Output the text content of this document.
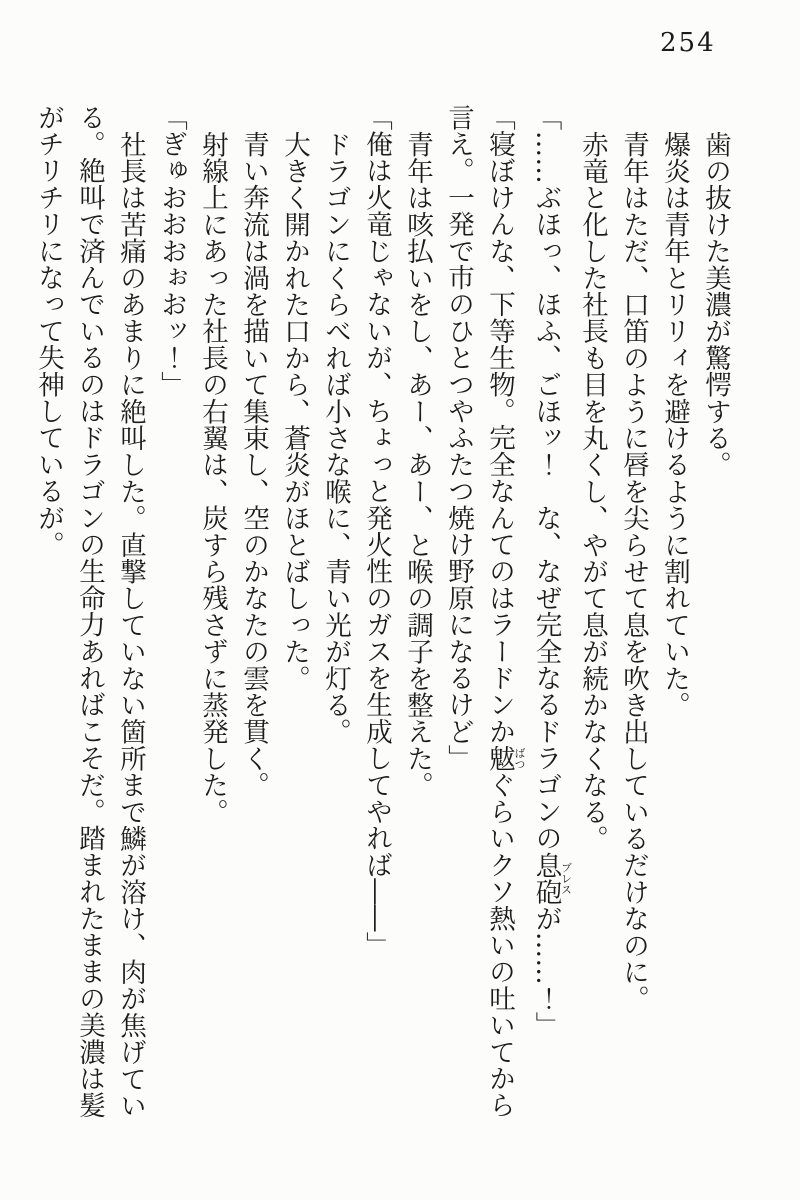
254

歯の抜けた美濃が驚愕する。

爆炎は青年とリリィを避けるように割れていた。

青年はただ、口笛のように唇を尖らせて息を吹き出しているだけなのに。

赤竜と化した社長も目を丸くし、やがて息が続かなくなる。

「……ぶほっ、ほふ、ごほッ！　な、なぜ完全なるドラゴンの息砲ブレスが……！」

「寝ぼけんな、下等生物。完全なんてのはラードンか魃ばつぐらいクソ熱いの吐いてから

言え。一発で市のひとつやふたつ焼け野原になるけど」

青年は咳払いをし、あー、あー、と喉の調子を整えた。

「俺は火竜じゃないが、ちょっと発火性のガスを生成してやれば――」

ドラゴンにくらべれば小さな喉に、青い光が灯る。

大きく開かれた口から、蒼炎がほとばしった。

青い奔流は渦を描いて集束し、空のかなたの雲を貫く。

射線上にあった社長の右翼は、炭すら残さずに蒸発した。

「ぎゅおおおぉおッ！」

社長は苦痛のあまりに絶叫した。直撃していない箇所まで鱗が溶け、肉が焦げてい

る。絶叫で済んでいるのはドラゴンの生命力あればこそだ。踏まれたままの美濃は髪

がチリチリになって失神しているが。
